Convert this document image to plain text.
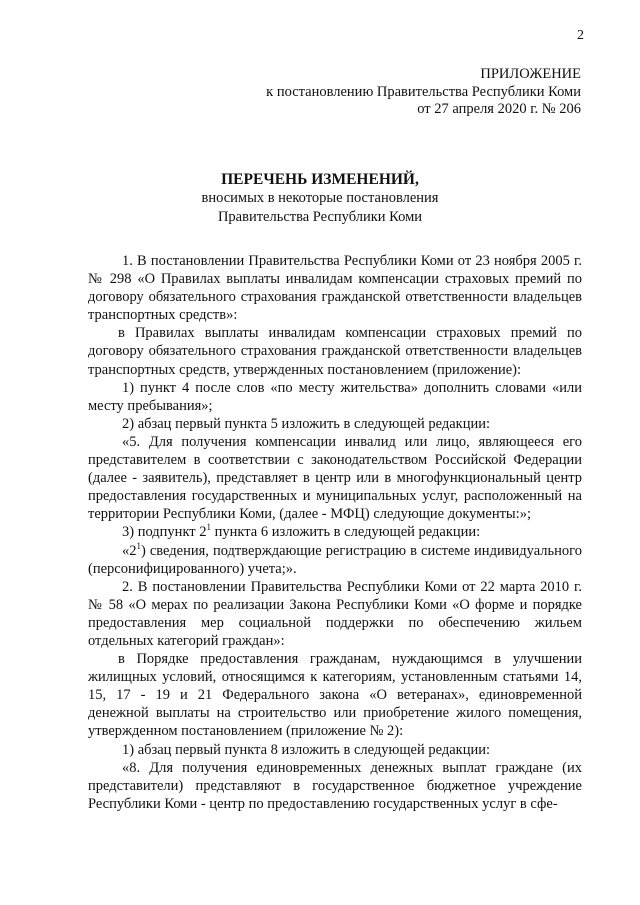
2
ПРИЛОЖЕНИЕ
к постановлению Правительства Республики Коми
от 27 апреля 2020 г. № 206
ПЕРЕЧЕНЬ ИЗМЕНЕНИЙ,
вносимых в некоторые постановления
Правительства Республики Коми

1. В постановлении Правительства Республики Коми от 23 ноября 2005 г. № 298 «О Правилах выплаты инвалидам компенсации страховых премий по договору обязательного страхования гражданской ответственности владельцев транспортных средств»:

в Правилах выплаты инвалидам компенсации страховых премий по договору обязательного страхования гражданской ответственности владельцев транспортных средств, утвержденных постановлением (приложение):

1) пункт 4 после слов «по месту жительства» дополнить словами «или месту пребывания»;

2) абзац первый пункта 5 изложить в следующей редакции:

«5. Для получения компенсации инвалид или лицо, являющееся его представителем в соответствии с законодательством Российской Федерации (далее - заявитель), представляет в центр или в многофункциональный центр предоставления государственных и муниципальных услуг, расположенный на территории Республики Коми, (далее - МФЦ) следующие документы:»;

3) подпункт $2^1$ пункта 6 изложить в следующей редакции:

«$2^1$) сведения, подтверждающие регистрацию в системе индивидуального (персонифицированного) учета;».

2. В постановлении Правительства Республики Коми от 22 марта 2010 г. № 58 «О мерах по реализации Закона Республики Коми «О форме и порядке предоставления мер социальной поддержки по обеспечению жильем отдельных категорий граждан»:

в Порядке предоставления гражданам, нуждающимся в улучшении жилищных условий, относящимся к категориям, установленным статьями 14, 15, 17 - 19 и 21 Федерального закона «О ветеранах», единовременной денежной выплаты на строительство или приобретение жилого помещения, утвержденном постановлением (приложение № 2):

1) абзац первый пункта 8 изложить в следующей редакции:

«8. Для получения единовременных денежных выплат граждане (их представители) представляют в государственное бюджетное учреждение Республики Коми - центр по предоставлению государственных услуг в сфе-
